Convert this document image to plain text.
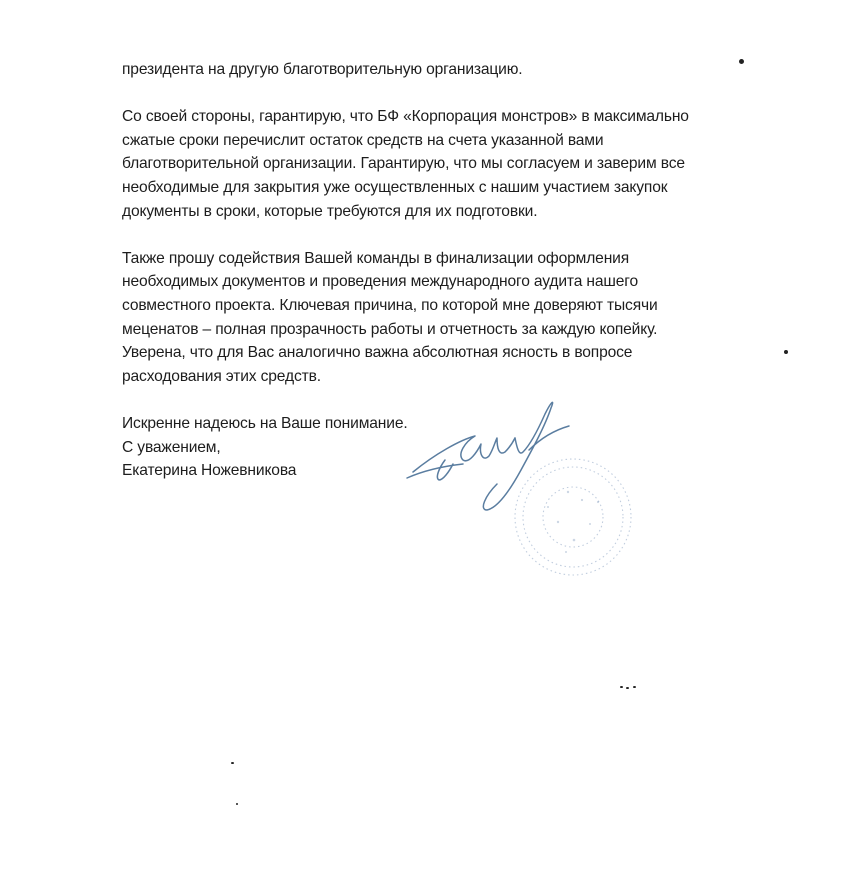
президента на другую благотворительную организацию.

Со своей стороны, гарантирую, что БФ «Корпорация монстров» в максимально
сжатые сроки перечислит остаток средств на счета указанной вами
благотворительной организации. Гарантирую, что мы согласуем и заверим все
необходимые для закрытия уже осуществленных с нашим участием закупок
документы в сроки, которые требуются для их подготовки.

Также прошу содействия Вашей команды в финализации оформления
необходимых документов и проведения международного аудита нашего
совместного проекта. Ключевая причина, по которой мне доверяют тысячи
меценатов – полная прозрачность работы и отчетность за каждую копейку.
Уверена, что для Вас аналогично важна абсолютная ясность в вопросе
расходования этих средств.

Искренне надеюсь на Ваше понимание.
С уважением,
Екатерина Ножевникова
